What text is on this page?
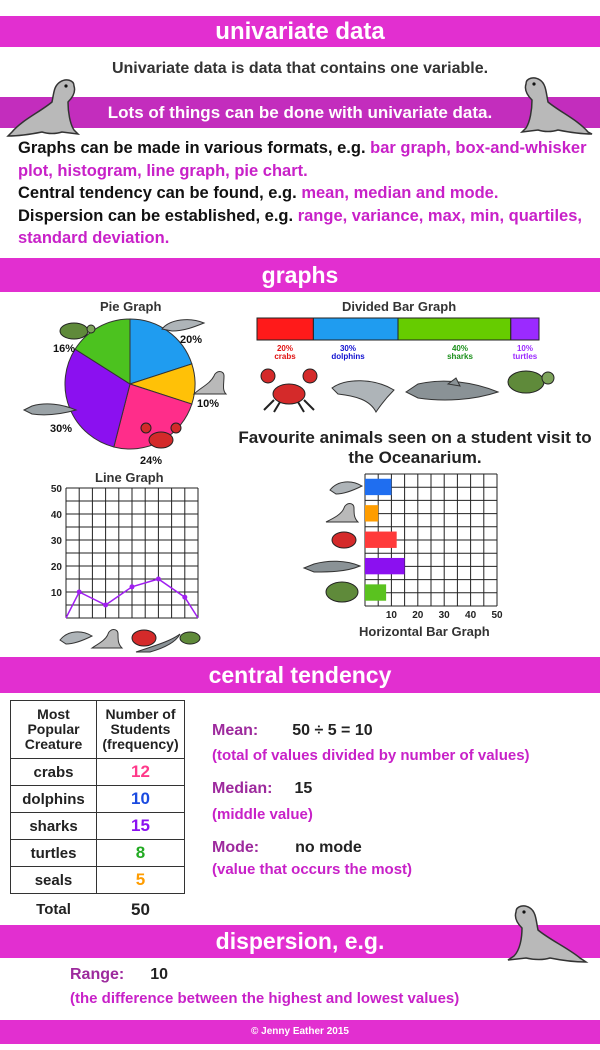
univariate data
Univariate data is data that contains one variable.
Lots of things can be done with univariate data.
Graphs can be made in various formats, e.g. bar graph, box-and-whisker plot, histogram, line graph, pie chart.
Central tendency can be found, e.g. mean, median and mode.
Dispersion can be established, e.g. range, variance, max, min, quartiles, standard deviation.
graphs
Pie Graph
20%
10%
24%
30%
16%
Divided Bar Graph
20%
crabs
30%
dolphins
40%
sharks
10%
turtles
Favourite animals seen on a student visit to the Oceanarium.
Line Graph
10
20
30
40
50
10 20 30 40 50
Horizontal Bar Graph
central tendency
Most Popular Creature	Number of Students (frequency)
crabs	12
dolphins	10
sharks	15
turtles	8
seals	5
Total	50
Mean: 50 ÷ 5 = 10
(total of values divided by number of values)
Median: 15
(middle value)
Mode: no mode
(value that occurs the most)
dispersion, e.g.
Range: 10
(the difference between the highest and lowest values)
© Jenny Eather 2015
